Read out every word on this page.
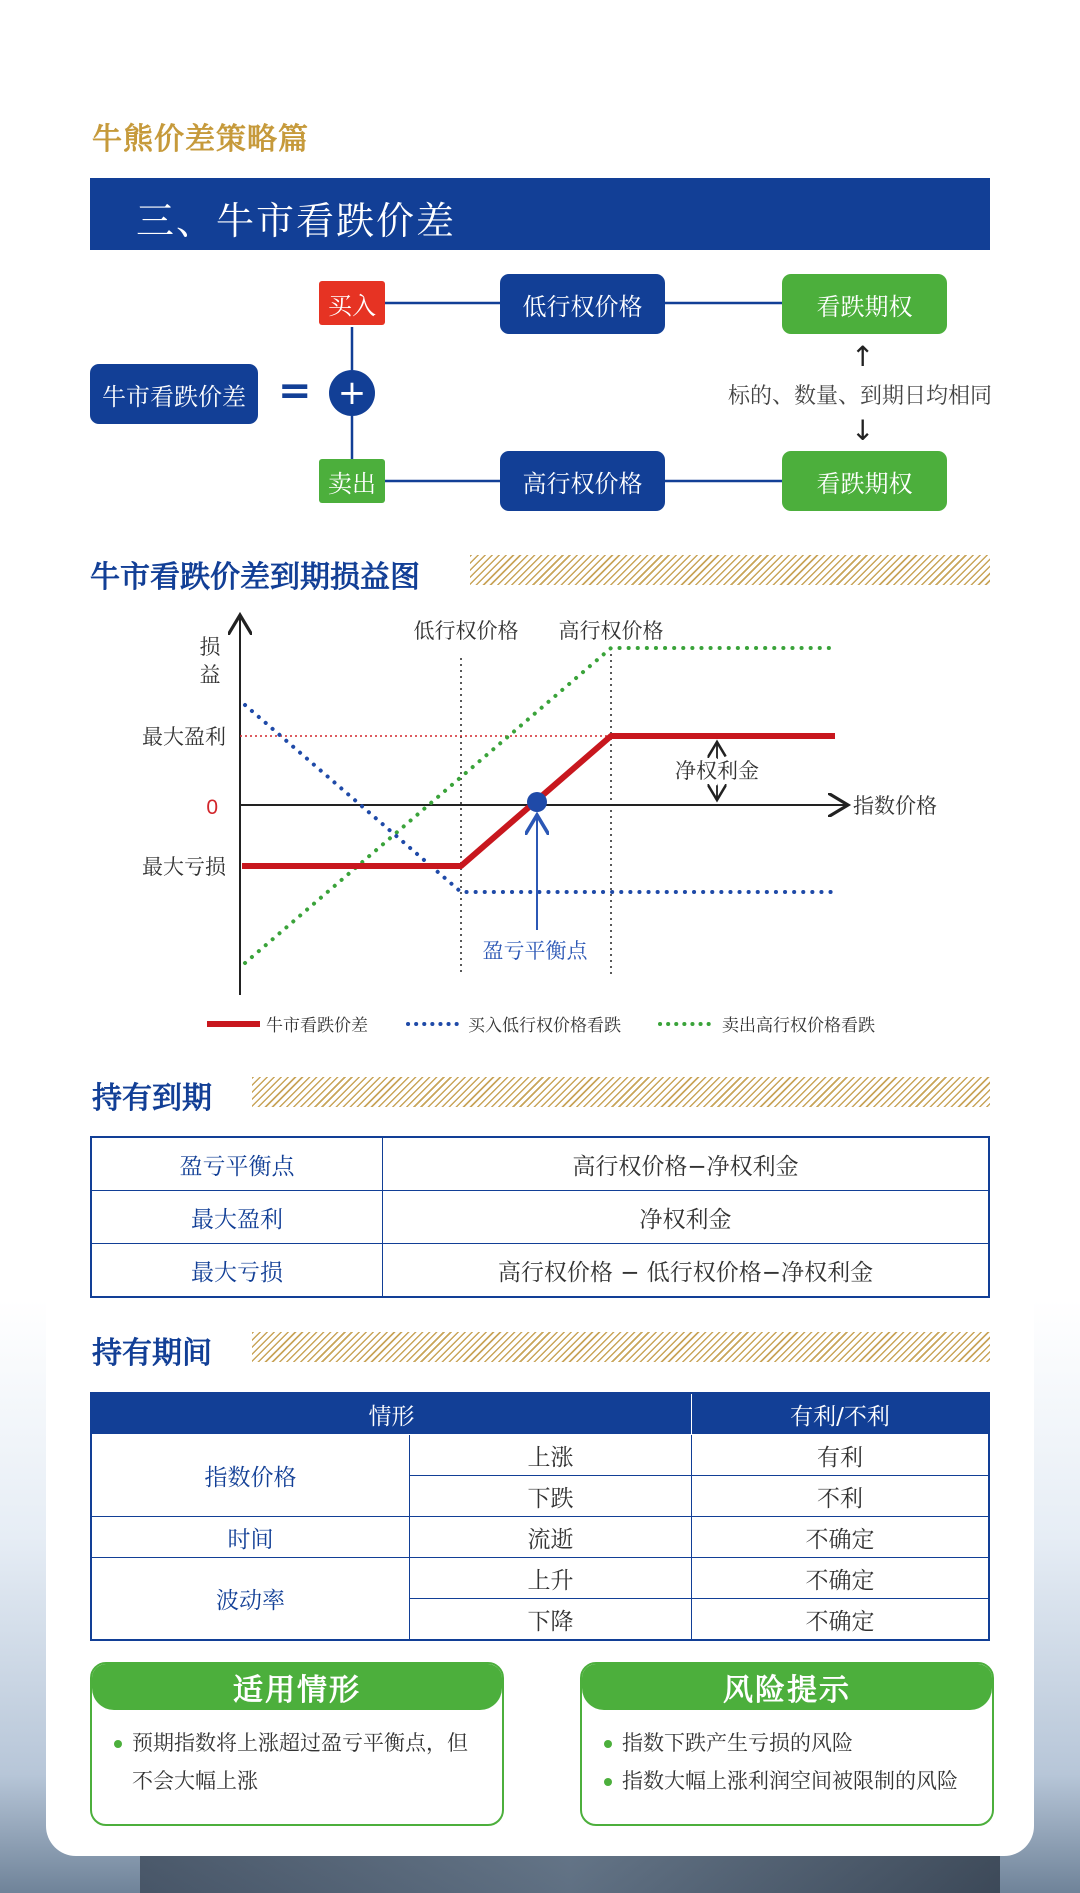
牛熊价差策略篇
三、牛市看跌价差
买入
卖出
牛市看跌价差 = +
低行权价格
高行权价格
看跌期权
看跌期权
↑
标的、数量、到期日均相同
↓
牛市看跌价差到期损益图
损
益
最大盈利
0
最大亏损
低行权价格 高行权价格
指数价格
净权利金
盈亏平衡点
牛市看跌价差	买入低行权价格看跌	卖出高行权价格看跌
持有到期
盈亏平衡点	高行权价格−净权利金
最大盈利	净权利金
最大亏损	高行权价格 − 低行权价格−净权利金
持有期间
情形		有利/不利
指数价格	上涨	有利
	下跌	不利
时间	流逝	不确定
波动率	上升	不确定
	下降	不确定
适用情形
预期指数将上涨超过盈亏平衡点，但不会大幅上涨
风险提示
指数下跌产生亏损的风险
指数大幅上涨利润空间被限制的风险
